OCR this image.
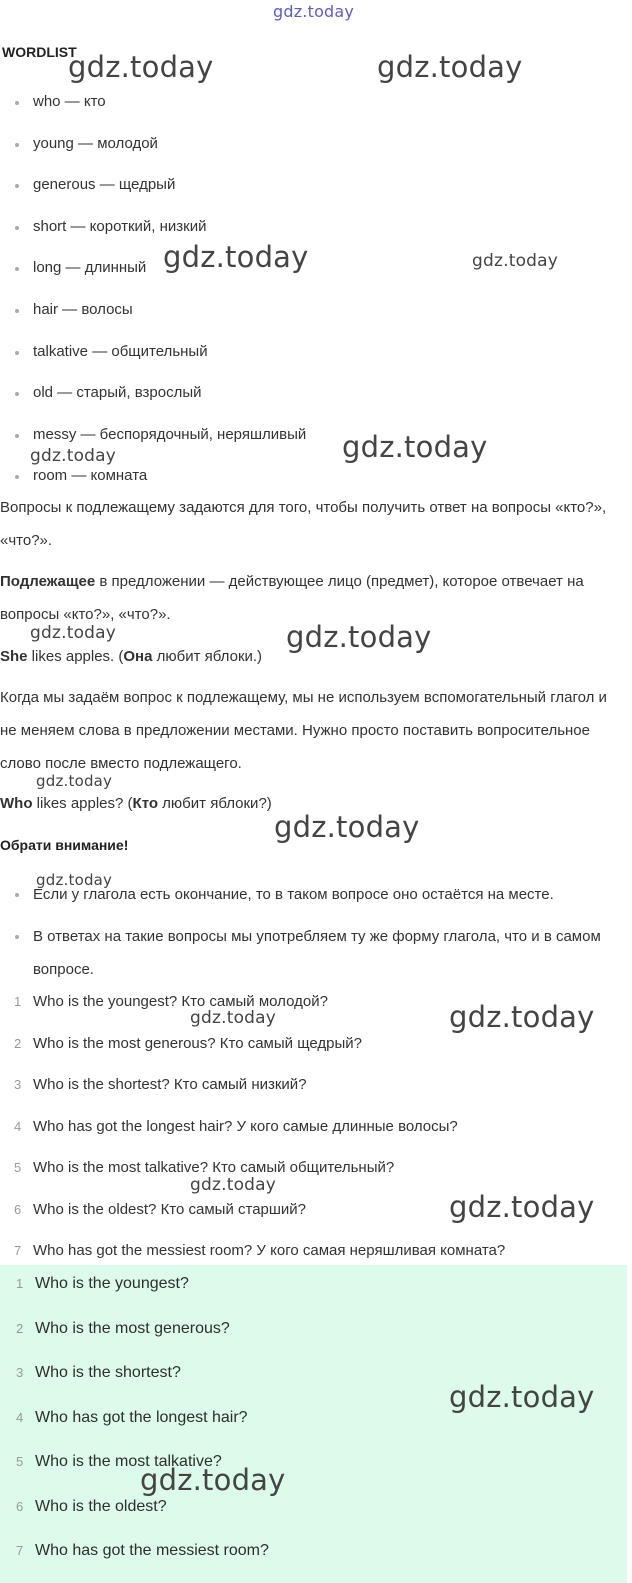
gdz.today
gdz.today	gdz.today
gdz.today	gdz.today
gdz.today
gdz.today
gdz.today	gdz.today
gdz.today
gdz.today
gdz.today
gdz.today	gdz.today
gdz.today
gdz.today
WORDLIST
who — кто
young — молодой
generous — щедрый
short — короткий, низкий
long — длинный
hair — волосы
talkative — общительный
old — старый, взрослый
messy — беспорядочный, неряшливый
room — комната
Вопросы к подлежащему задаются для того, чтобы получить ответ на вопросы «кто?», «что?».
Подлежащее в предложении — действующее лицо (предмет), которое отвечает на вопросы «кто?», «что?».
She likes apples. (Она любит яблоки.)
Когда мы задаём вопрос к подлежащему, мы не используем вспомогательный глагол и не меняем слова в предложении местами. Нужно просто поставить вопросительное слово после вместо подлежащего.
Who likes apples? (Кто любит яблоки?)
Обрати внимание!
Если у глагола есть окончание, то в таком вопросе оно остаётся на месте.
В ответах на такие вопросы мы употребляем ту же форму глагола, что и в самом вопросе.
1 Who is the youngest? Кто самый молодой?
2 Who is the most generous? Кто самый щедрый?
3 Who is the shortest? Кто самый низкий?
4 Who has got the longest hair? У кого самые длинные волосы?
5 Who is the most talkative? Кто самый общительный?
6 Who is the oldest? Кто самый старший?
7 Who has got the messiest room? У кого самая неряшливая комната?
1 Who is the youngest?
2 Who is the most generous?
3 Who is the shortest?
4 Who has got the longest hair?
5 Who is the most talkative?
6 Who is the oldest?
7 Who has got the messiest room?
gdz.today
gdz.today
